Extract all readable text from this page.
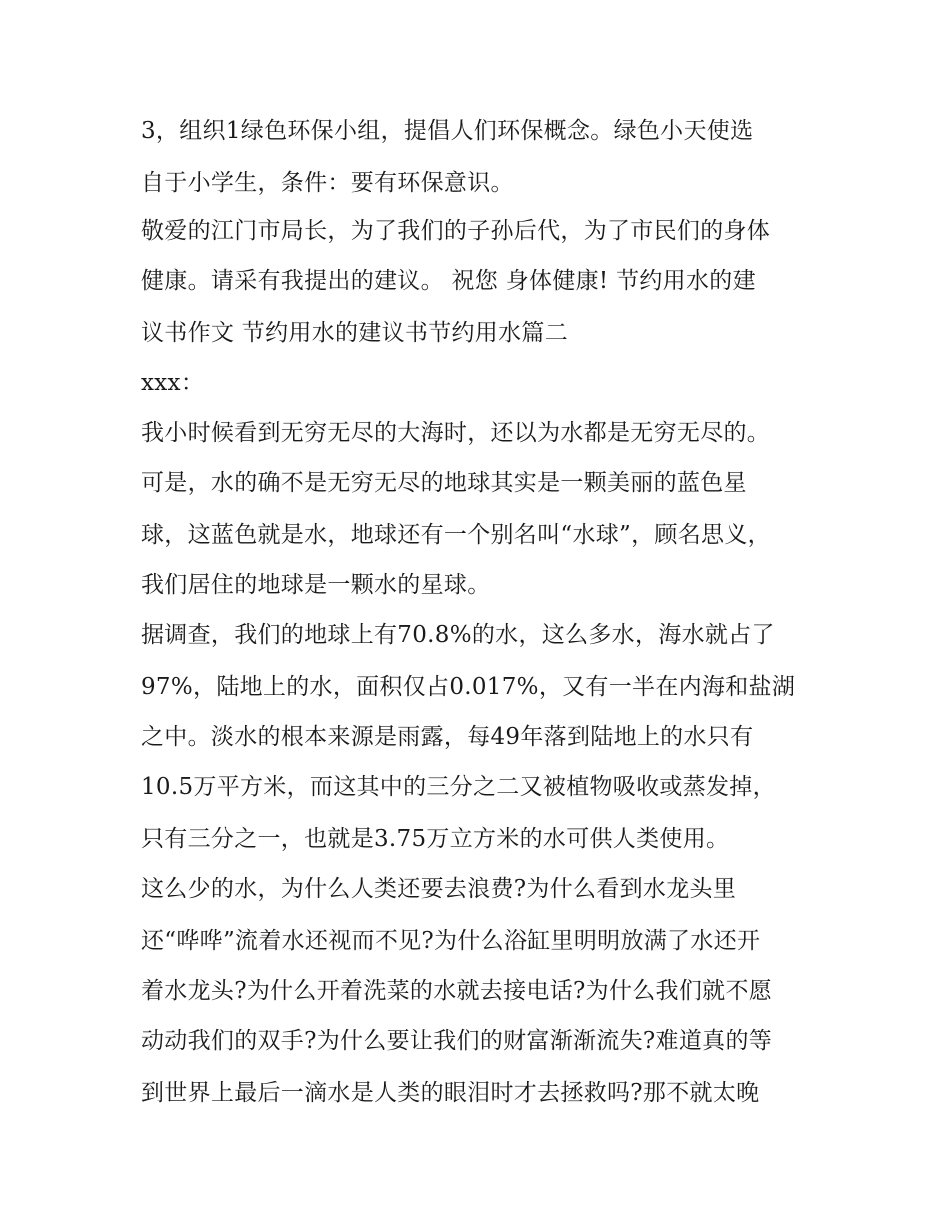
3，组织1绿色环保小组，提倡人们环保概念。绿色小天使选
自于小学生，条件：要有环保意识。
敬爱的江门市局长，为了我们的子孙后代，为了市民们的身体
健康。请采有我提出的建议。 祝您 身体健康! 节约用水的建
议书作文 节约用水的建议书节约用水篇二
xxx：
我小时候看到无穷无尽的大海时，还以为水都是无穷无尽的。
可是，水的确不是无穷无尽的地球其实是一颗美丽的蓝色星
球，这蓝色就是水，地球还有一个别名叫“水球”，顾名思义，
我们居住的地球是一颗水的星球。
据调查，我们的地球上有70.8%的水，这么多水，海水就占了
97%，陆地上的水，面积仅占0.017%，又有一半在内海和盐湖
之中。淡水的根本来源是雨露，每49年落到陆地上的水只有
10.5万平方米，而这其中的三分之二又被植物吸收或蒸发掉，
只有三分之一，也就是3.75万立方米的水可供人类使用。
这么少的水，为什么人类还要去浪费?为什么看到水龙头里
还“哗哗”流着水还视而不见?为什么浴缸里明明放满了水还开
着水龙头?为什么开着洗菜的水就去接电话?为什么我们就不愿
动动我们的双手?为什么要让我们的财富渐渐流失?难道真的等
到世界上最后一滴水是人类的眼泪时才去拯救吗?那不就太晚
